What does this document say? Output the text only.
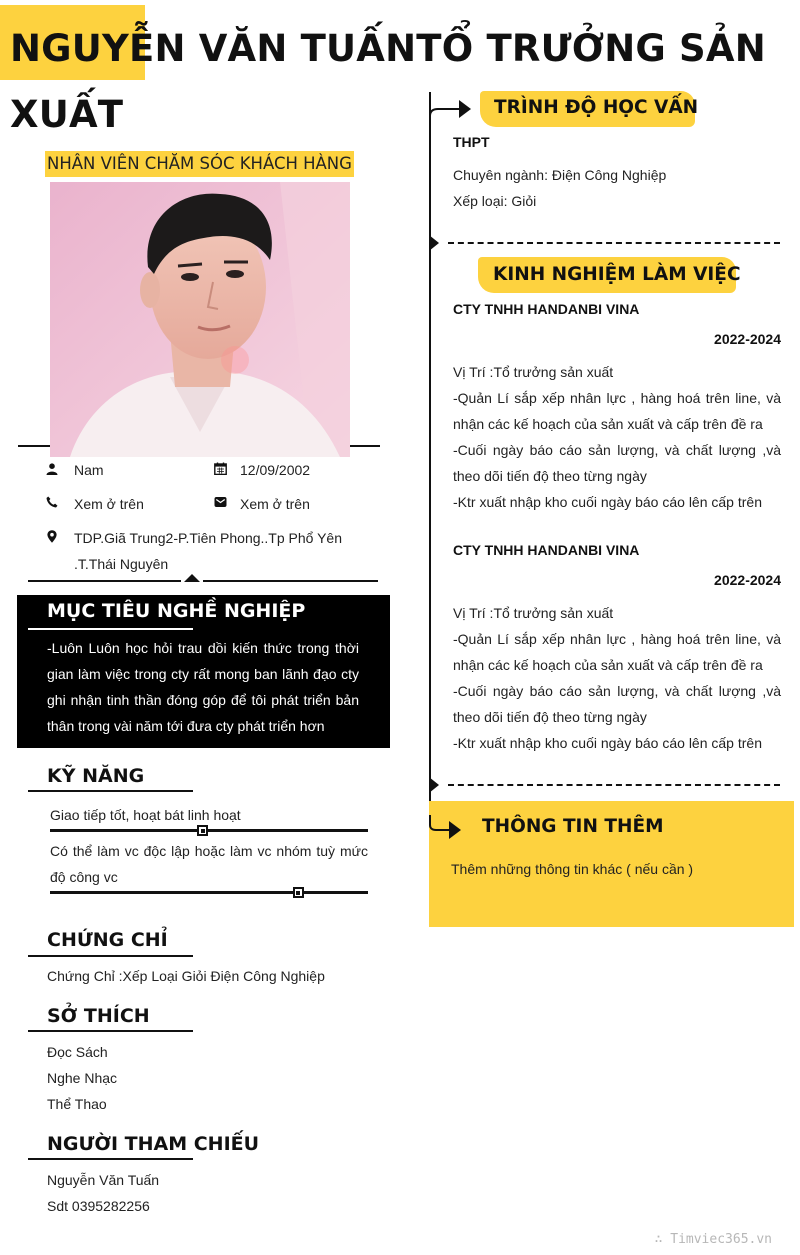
NGUYỄN VĂN TUẤNTỔ TRƯỞNG SẢN XUẤT
NHÂN VIÊN CHĂM SÓC KHÁCH HÀNG
Nam	12/09/2002
Xem ở trên	Xem ở trên
TDP.Giã Trung2-P.Tiên Phong..Tp Phổ Yên .T.Thái Nguyên
MỤC TIÊU NGHỀ NGHIỆP

-Luôn Luôn học hỏi trau dồi kiến thức trong thời gian làm việc trong cty rất mong ban lãnh đạo cty ghi nhận tinh thần đóng góp để tôi phát triển bản thân trong vài năm tới đưa cty phát triển hơn

KỸ NĂNG
Giao tiếp tốt, hoạt bát linh hoạt
Có thể làm vc độc lập hoặc làm vc nhóm tuỳ mức độ công vc
CHỨNG CHỈ

Chứng Chỉ :Xếp Loại Giỏi Điện Công Nghiệp

SỞ THÍCH

Đọc Sách

Nghe Nhạc

Thể Thao

NGƯỜI THAM CHIẾU

Nguyễn Văn Tuấn

Sdt 0395282256

TRÌNH ĐỘ HỌC VẤN

THPT

Chuyên ngành: Điện Công Nghiệp

Xếp loại: Giỏi

KINH NGHIỆM LÀM VIỆC

CTY TNHH HANDANBI VINA

2022-2024

Vị Trí :Tổ trưởng sản xuất

-Quản Lí sắp xếp nhân lực , hàng hoá trên line, và nhận các kế hoạch của sản xuất và cấp trên đề ra

-Cuối ngày báo cáo sản lượng, và chất lượng ,và theo dõi tiến độ theo từng ngày

-Ktr xuất nhập kho cuối ngày báo cáo lên cấp trên

CTY TNHH HANDANBI VINA

2022-2024

Vị Trí :Tổ trưởng sản xuất

-Quản Lí sắp xếp nhân lực , hàng hoá trên line, và nhận các kế hoạch của sản xuất và cấp trên đề ra

-Cuối ngày báo cáo sản lượng, và chất lượng ,và theo dõi tiến độ theo từng ngày

-Ktr xuất nhập kho cuối ngày báo cáo lên cấp trên

THÔNG TIN THÊM

Thêm những thông tin khác ( nếu cần )

∴ Timviec365.vn
